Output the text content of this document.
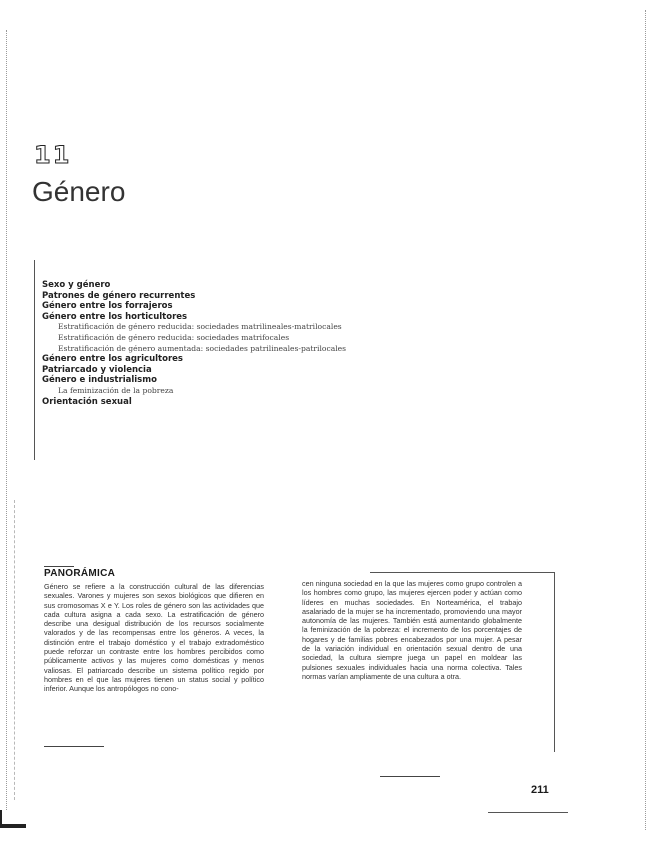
11
Género
Sexo y género
Patrones de género recurrentes
Género entre los forrajeros
Género entre los horticultores
Estratificación de género reducida: sociedades matrilineales-matrilocales
Estratificación de género reducida: sociedades matrifocales
Estratificación de género aumentada: sociedades patrilineales-patrilocales
Género entre los agricultores
Patriarcado y violencia
Género e industrialismo
La feminización de la pobreza
Orientación sexual
PANORÁMICA
Género se refiere a la construcción cultural de las diferencias sexuales. Varones y mujeres son sexos biológicos que difieren en sus cromosomas X e Y. Los roles de género son las actividades que cada cultura asigna a cada sexo. La estratificación de género describe una desigual distribución de los recursos socialmente valorados y de las recompensas entre los géneros. A veces, la distinción entre el trabajo doméstico y el trabajo extradoméstico puede reforzar un contraste entre los hombres percibidos como públicamente activos y las mujeres como domésticas y menos valiosas. El patriarcado describe un sistema político regido por hombres en el que las mujeres tienen un status social y político inferior. Aunque los antropólogos no cono-
cen ninguna sociedad en la que las mujeres como grupo controlen a los hombres como grupo, las mujeres ejercen poder y actúan como líderes en muchas sociedades. En Norteamérica, el trabajo asalariado de la mujer se ha incrementado, promoviendo una mayor autonomía de las mujeres. También está aumentando globalmente la feminización de la pobreza: el incremento de los porcentajes de hogares y de familias pobres encabezados por una mujer. A pesar de la variación individual en orientación sexual dentro de una sociedad, la cultura siempre juega un papel en moldear las pulsiones sexuales individuales hacia una norma colectiva. Tales normas varían ampliamente de una cultura a otra.
211
